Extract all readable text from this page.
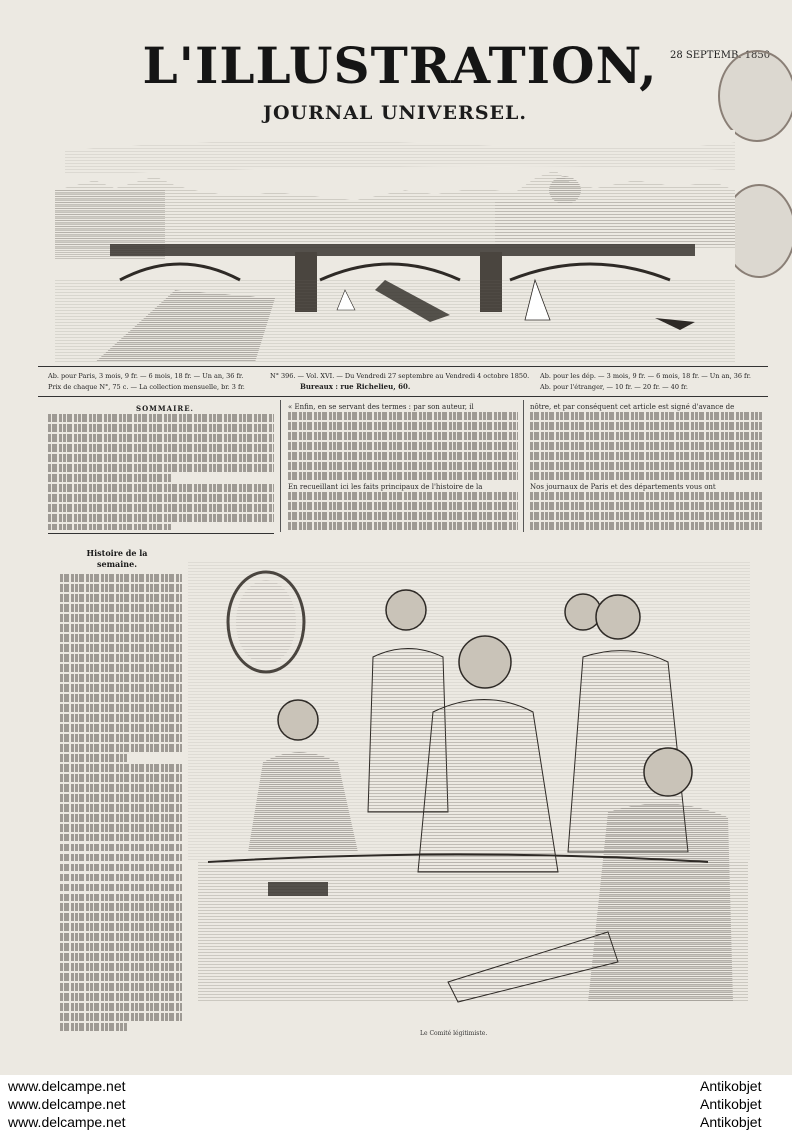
L'ILLUSTRATION,
JOURNAL UNIVERSEL.
28 SEPTEMB. 1850
Ab. pour Paris, 3 mois, 9 fr. — 6 mois, 18 fr. — Un an, 36 fr.
Prix de chaque N°, 75 c. — La collection mensuelle, br. 3 fr.
N° 396. — Vol. XVI. — Du Vendredi 27 septembre au Vendredi 4 octobre 1850.
Bureaux : rue Richelieu, 60.
Ab. pour les dép. — 3 mois, 9 fr. — 6 mois, 18 fr. — Un an, 36 fr.
Ab. pour l'étranger, — 10 fr. — 20 fr. — 40 fr.
SOMMAIRE.	« Enfin, en se servant des termes : par son auteur, il
En recueillant ici les faits principaux de l'histoire de la
nôtre, et par conséquent cet article est signé d'avance de
Nos journaux de Paris et des départements vous ont
Histoire de la semaine.
Le Comité légitimiste.
www.delcampe.net
www.delcampe.net
www.delcampe.net
Antikobjet
Antikobjet
Antikobjet
